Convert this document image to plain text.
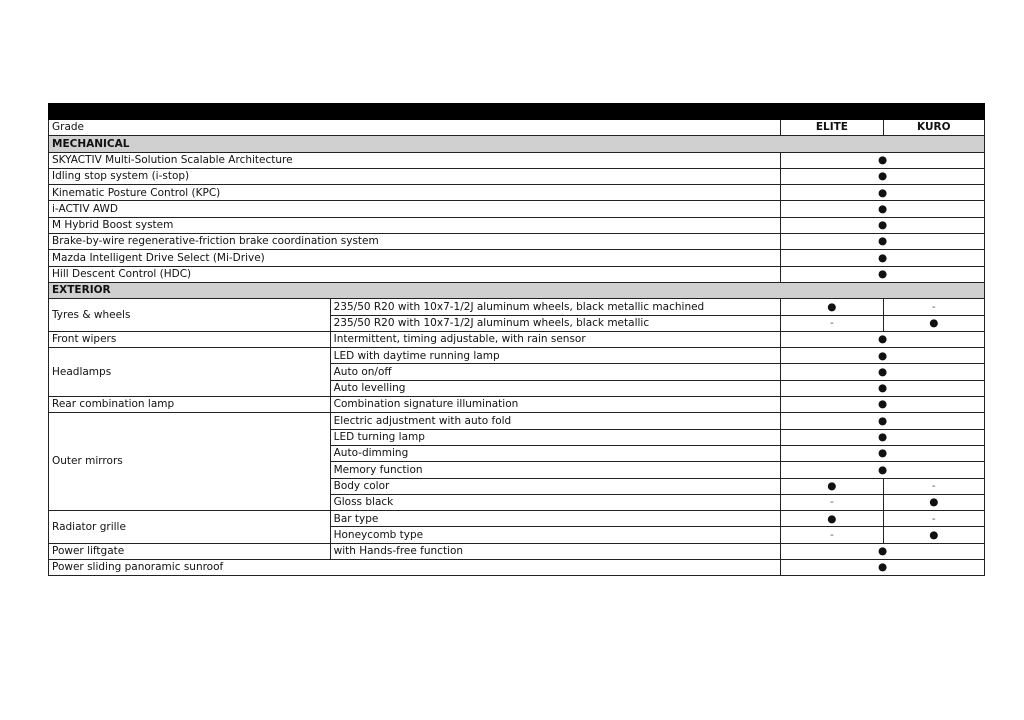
Grade		ELITE	KURO
MECHANICAL			
SKYACTIV Multi-Solution Scalable Architecture		●	
Idling stop system (i-stop)		●	
Kinematic Posture Control (KPC)		●	
i-ACTIV AWD		●	
M Hybrid Boost system		●	
Brake-by-wire regenerative-friction brake coordination system		●	
Mazda Intelligent Drive Select (Mi-Drive)		●	
Hill Descent Control (HDC)		●	
EXTERIOR			
Tyres & wheels	235/50 R20 with 10x7-1/2J aluminum wheels, black metallic machined	●	-
	235/50 R20 with 10x7-1/2J aluminum wheels, black metallic	-	●
Front wipers	Intermittent, timing adjustable, with rain sensor	●	
Headlamps	LED with daytime running lamp	●	
	Auto on/off	●	
	Auto levelling	●	
Rear combination lamp	Combination signature illumination	●	
Outer mirrors	Electric adjustment with auto fold	●	
	LED turning lamp	●	
	Auto-dimming	●	
	Memory function	●	
	Body color	●	-
	Gloss black	-	●
Radiator grille	Bar type	●	-
	Honeycomb type	-	●
Power liftgate	with Hands-free function	●	
Power sliding panoramic sunroof		●	
